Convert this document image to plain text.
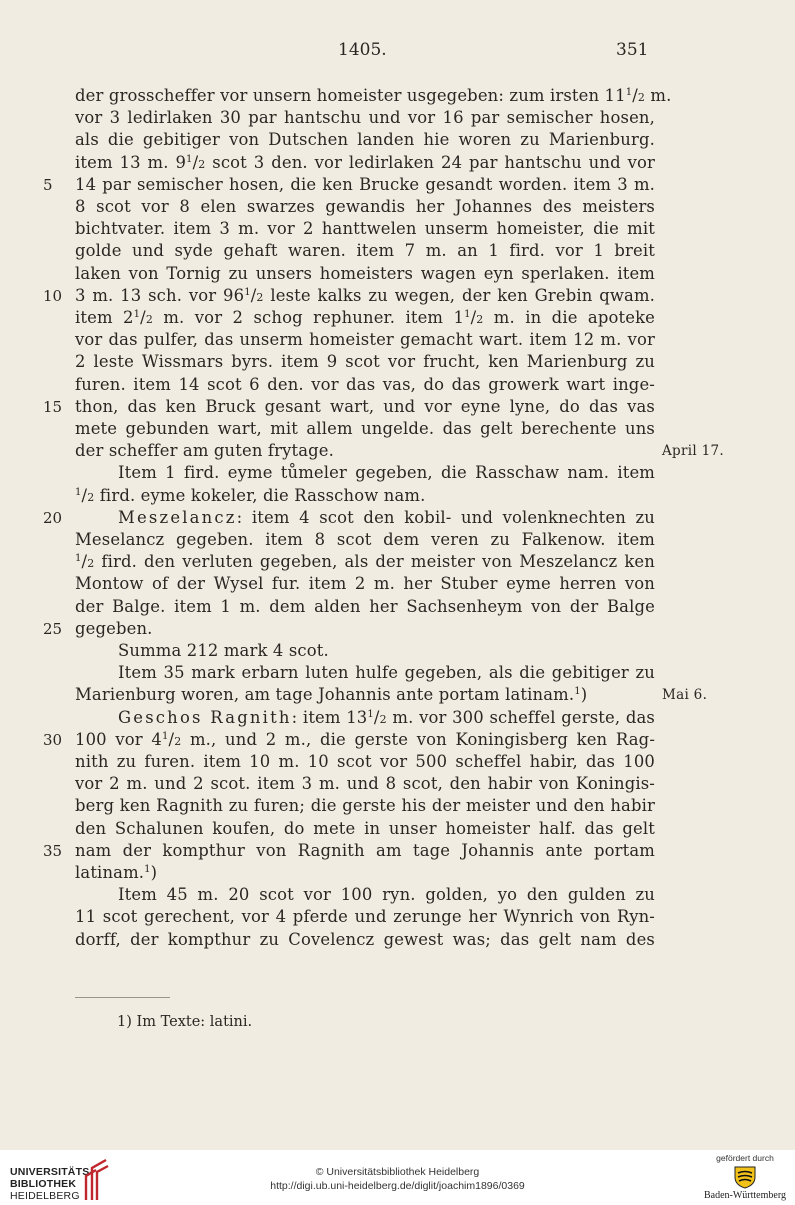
1405.	351
der grosscheffer vor unsern homeister usgegeben: zum irsten $11^1/2$ m.
vor 3 ledirlaken 30 par hantschu und vor 16 par semischer hosen,
als die gebitiger von Dutschen landen hie woren zu Marienburg.
item 13 m. $9^1/2$ scot 3 den. vor ledirlaken 24 par hantschu und vor
5	14 par semischer hosen, die ken Brucke gesandt worden. item 3 m.
8 scot vor 8 elen swarzes gewandis her Johannes des meisters
bichtvater. item 3 m. vor 2 hanttwelen unserm homeister, die mit
golde und syde gehaft waren. item 7 m. an 1 fird. vor 1 breit
laken von Tornig zu unsers homeisters wagen eyn sperlaken. item
10 3 m. 13 sch. vor $96^1/2$ leste kalks zu wegen, der ken Grebin qwam.
item $2^1/2$ m. vor 2 schog rephuner. item $1^1/2$ m. in die apoteke
vor das pulfer, das unserm homeister gemacht wart. item 12 m. vor
2 leste Wissmars byrs. item 9 scot vor frucht, ken Marienburg zu
furen. item 14 scot 6 den. vor das vas, do das growerk wart inge-
15 thon, das ken Bruck gesant wart, und vor eyne lyne, do das vas
mete gebunden wart, mit allem ungelde. das gelt berechente uns
der scheffer am guten frytage.	April 17.
Item 1 fird. eyme tůmeler gegeben, die Rasschaw nam. item
$^1$/2 fird. eyme kokeler, die Rasschow nam.
20	Meszelancz: item 4 scot den kobil- und volenknechten zu
Meselancz gegeben. item 8 scot dem veren zu Falkenow. item
$^1$/2 fird. den verluten gegeben, als der meister von Meszelancz ken
Montow of der Wysel fur. item 2 m. her Stuber eyme herren von
der Balge. item 1 m. dem alden her Sachsenheym von der Balge
25 gegeben.
Summa 212 mark 4 scot.
Item 35 mark erbarn luten hulfe gegeben, als die gebitiger zu
Marienburg woren, am tage Johannis ante portam latinam.$^1$)	Mai 6.
Geschos Ragnith: item $13^1/2$ m. vor 300 scheffel gerste, das
30 100 vor $4^1/2$ m., und 2 m., die gerste von Koningisberg ken Rag-
nith zu furen. item 10 m. 10 scot vor 500 scheffel habir, das 100
vor 2 m. und 2 scot. item 3 m. und 8 scot, den habir von Koningis-
berg ken Ragnith zu furen; die gerste his der meister und den habir
den Schalunen koufen, do mete in unser homeister half. das gelt
35 nam der kompthur von Ragnith am tage Johannis ante portam
latinam.$^1$)
Item 45 m. 20 scot vor 100 ryn. golden, yo den gulden zu
11 scot gerechent, vor 4 pferde und zerunge her Wynrich von Ryn-
dorff, der kompthur zu Covelencz gewest was; das gelt nam des
1) Im Texte: latini.
UNIVERSITÄTS-
BIBLIOTHEK
HEIDELBERG
© Universitätsbibliothek Heidelberg
http://digi.ub.uni-heidelberg.de/diglit/joachim1896/0369
gefördert durch
Baden-Württemberg
